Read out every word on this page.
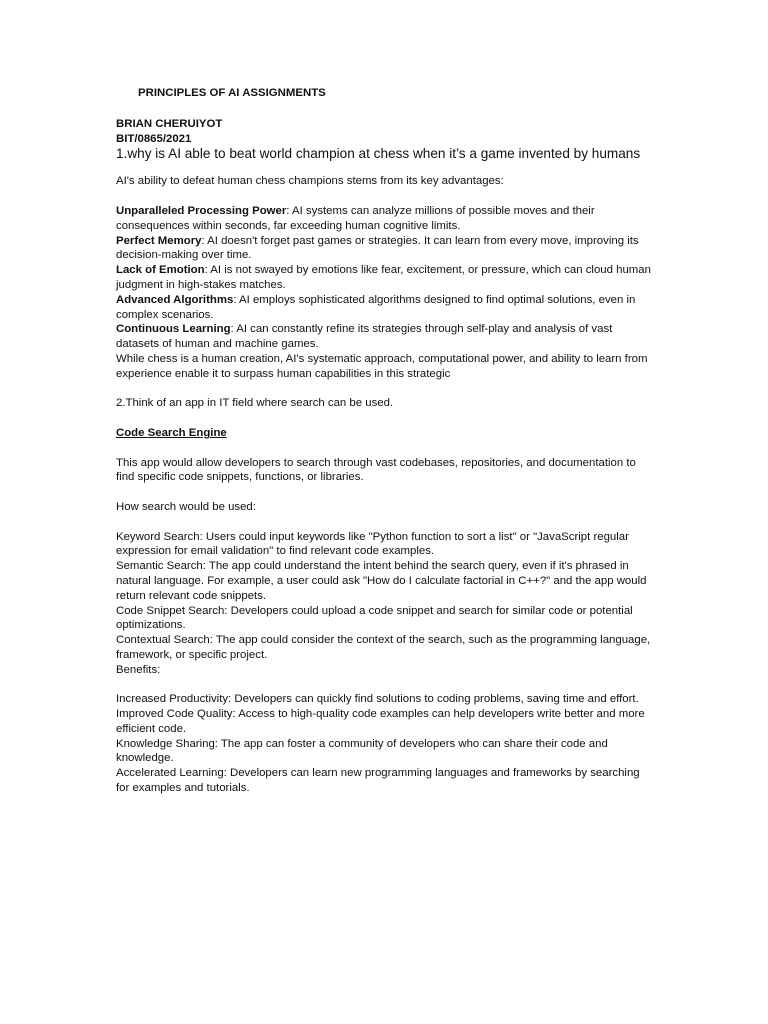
PRINCIPLES OF AI ASSIGNMENTS

BRIAN CHERUIYOT

BIT/0865/2021

1.why is AI able to beat world champion at chess when it’s a game invented by humans

AI's ability to defeat human chess champions stems from its key advantages:

Unparalleled Processing Power: AI systems can analyze millions of possible moves and their consequences within seconds, far exceeding human cognitive limits.

Perfect Memory: AI doesn't forget past games or strategies. It can learn from every move, improving its decision-making over time.

Lack of Emotion: AI is not swayed by emotions like fear, excitement, or pressure, which can cloud human judgment in high-stakes matches.

Advanced Algorithms: AI employs sophisticated algorithms designed to find optimal solutions, even in complex scenarios.

Continuous Learning: AI can constantly refine its strategies through self-play and analysis of vast datasets of human and machine games.

While chess is a human creation, AI's systematic approach, computational power, and ability to learn from experience enable it to surpass human capabilities in this strategic

2.Think of an app in IT field where search can be used.

Code Search Engine

This app would allow developers to search through vast codebases, repositories, and documentation to find specific code snippets, functions, or libraries.

How search would be used:

Keyword Search: Users could input keywords like "Python function to sort a list" or "JavaScript regular expression for email validation" to find relevant code examples.

Semantic Search: The app could understand the intent behind the search query, even if it's phrased in natural language. For example, a user could ask "How do I calculate factorial in C++?" and the app would return relevant code snippets.

Code Snippet Search: Developers could upload a code snippet and search for similar code or potential optimizations.

Contextual Search: The app could consider the context of the search, such as the programming language, framework, or specific project.

Benefits:

Increased Productivity: Developers can quickly find solutions to coding problems, saving time and effort.

Improved Code Quality: Access to high-quality code examples can help developers write better and more efficient code.

Knowledge Sharing: The app can foster a community of developers who can share their code and knowledge.

Accelerated Learning: Developers can learn new programming languages and frameworks by searching for examples and tutorials.
